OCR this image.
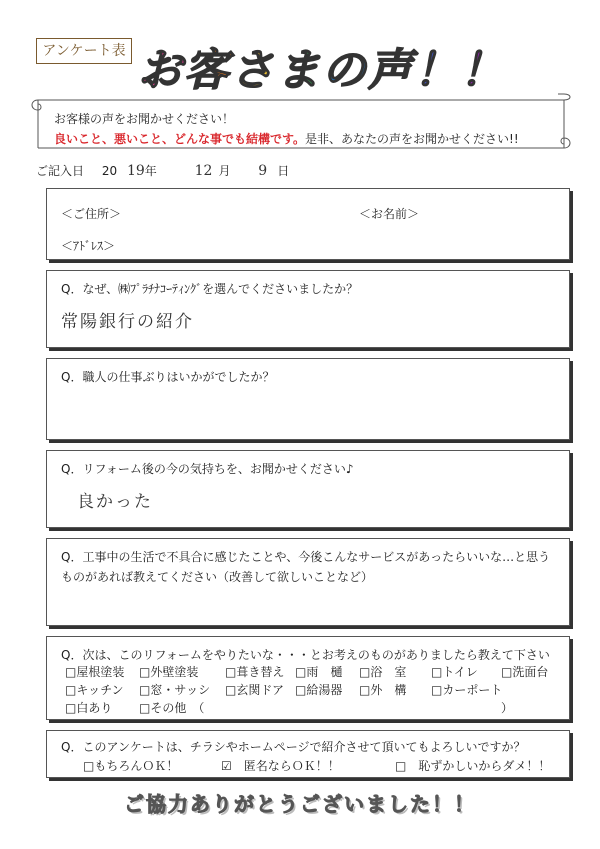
アンケート表 お客さまの声！！
お客様の声をお聞かせください！
良いこと、悪いこと、どんな事でも結構です。是非、あなたの声をお聞かせください!!
ご記入日 20 19年	12 月 9 日
＜ご住所＞	＜お名前＞
＜ｱﾄﾞﾚｽ＞
Q．なぜ、㈱ﾌﾟﾗﾁﾅｺｰﾃｨﾝｸﾞを選んでくださいましたか？
常陽銀行の紹介
Q．職人の仕事ぶりはいかがでしたか？
Q．リフォーム後の今の気持ちを、お聞かせください♪
良かった
Q．工事中の生活で不具合に感じたことや、今後こんなサービスがあったらいいな…と思う
ものがあれば教えてください（改善して欲しいことなど）
Q．次は、このリフォームをやりたいな・・・とお考えのものがありましたら教えて下さい
□屋根塗装 □外壁塗装 □葺き替え □雨　樋 □浴　室 □トイレ □洗面台
□キッチン □窓・サッシ □玄関ドア □給湯器 □外　構 □カーポート
□白あり □その他　（	）
Q．このアンケートは、チラシやホームページで紹介させて頂いてもよろしいですか？
□もちろんＯＫ！	☑　匿名ならＯＫ！！	□　恥ずかしいからダメ！！
ご協力ありがとうございました！！
